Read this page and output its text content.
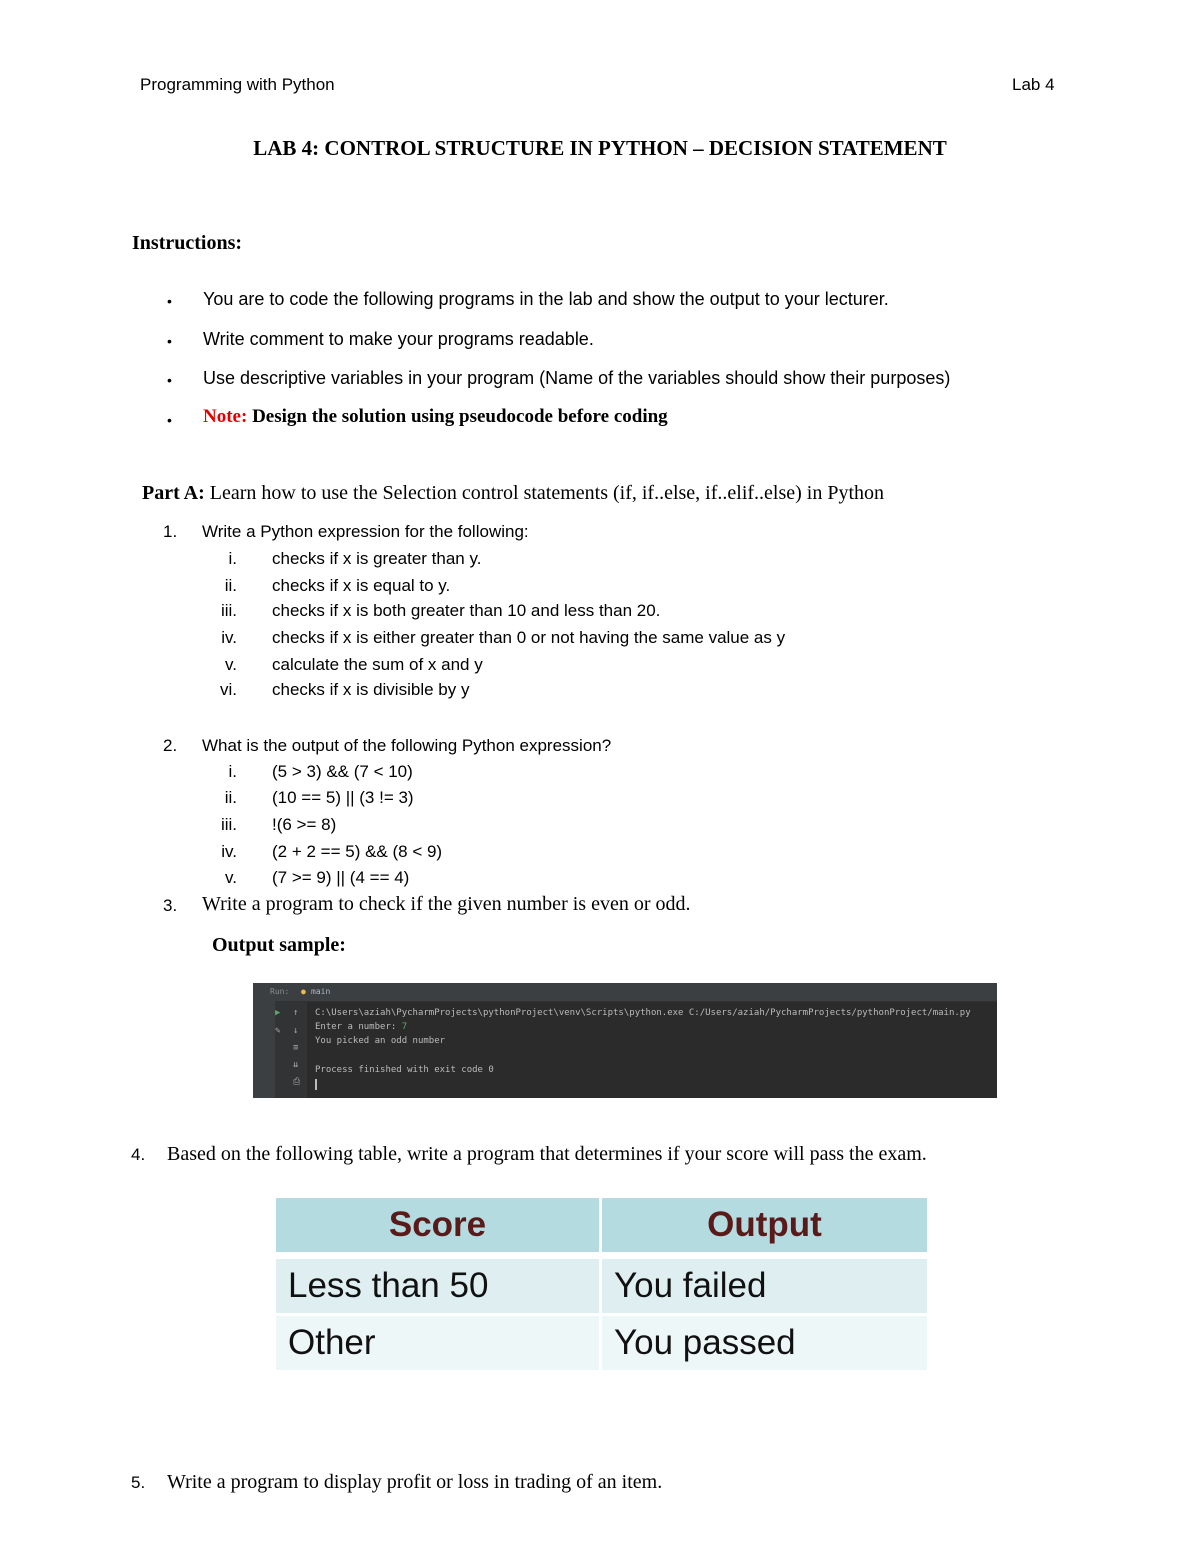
Programming with Python	Lab 4
LAB 4: CONTROL STRUCTURE IN PYTHON – DECISION STATEMENT
Instructions:
• You are to code the following programs in the lab and show the output to your lecturer.
• Write comment to make your programs readable.
• Use descriptive variables in your program (Name of the variables should show their purposes)
• Note: Design the solution using pseudocode before coding
Part A: Learn how to use the Selection control statements (if, if..else, if..elif..else) in Python
1. Write a Python expression for the following:
i. checks if x is greater than y.
ii. checks if x is equal to y.
iii. checks if x is both greater than 10 and less than 20.
iv. checks if x is either greater than 0 or not having the same value as y
v. calculate the sum of x and y
vi. checks if x is divisible by y
2. What is the output of the following Python expression?
i. (5 > 3) && (7 < 10)
ii. (10 == 5) || (3 != 3)
iii. !(6 >= 8)
iv. (2 + 2 == 5) && (8 < 9)
v. (7 >= 9) || (4 == 4)
3. Write a program to check if the given number is even or odd.
Output sample:
Run: ● main
▶ ↑
✎ ↓
≡
⇊
⎙
C:\Users\aziah\PycharmProjects\pythonProject\venv\Scripts\python.exe C:/Users/aziah/PycharmProjects/pythonProject/main.py
Enter a number: 7
You picked an odd number
Process finished with exit code 0
4. Based on the following table, write a program that determines if your score will pass the exam.
Score	Output
Less than 50	You failed
Other	You passed
5. Write a program to display profit or loss in trading of an item.
